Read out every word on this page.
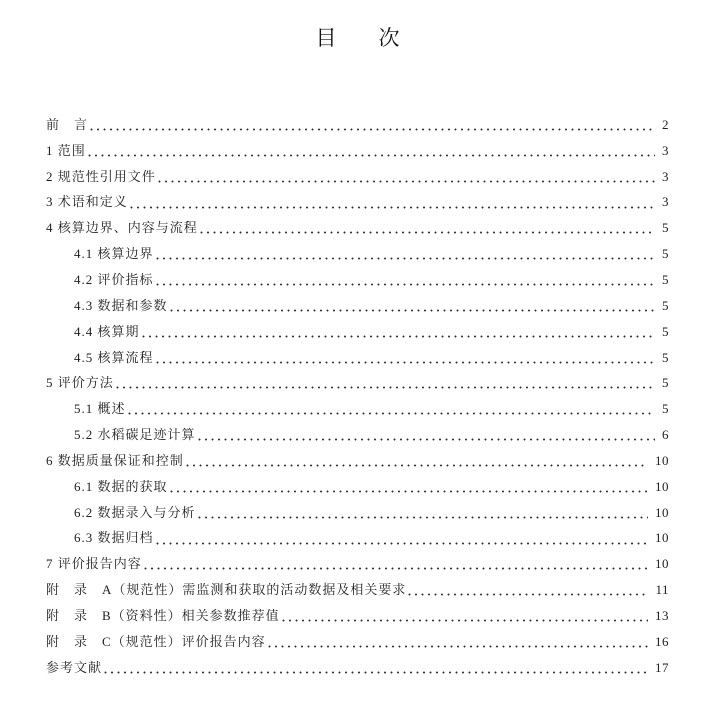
目　　次
前　言	2
1 范围	3
2 规范性引用文件	3
3 术语和定义	3
4 核算边界、内容与流程	5
4.1 核算边界	5
4.2 评价指标	5
4.3 数据和参数	5
4.4 核算期	5
4.5 核算流程	5
5 评价方法	5
5.1 概述	5
5.2 水稻碳足迹计算	6
6 数据质量保证和控制	10
6.1 数据的获取	10
6.2 数据录入与分析	10
6.3 数据归档	10
7 评价报告内容	10
附　录　A（规范性）需监测和获取的活动数据及相关要求	11
附　录　B（资料性）相关参数推荐值	13
附　录　C（规范性）评价报告内容	16
参考文献	17
